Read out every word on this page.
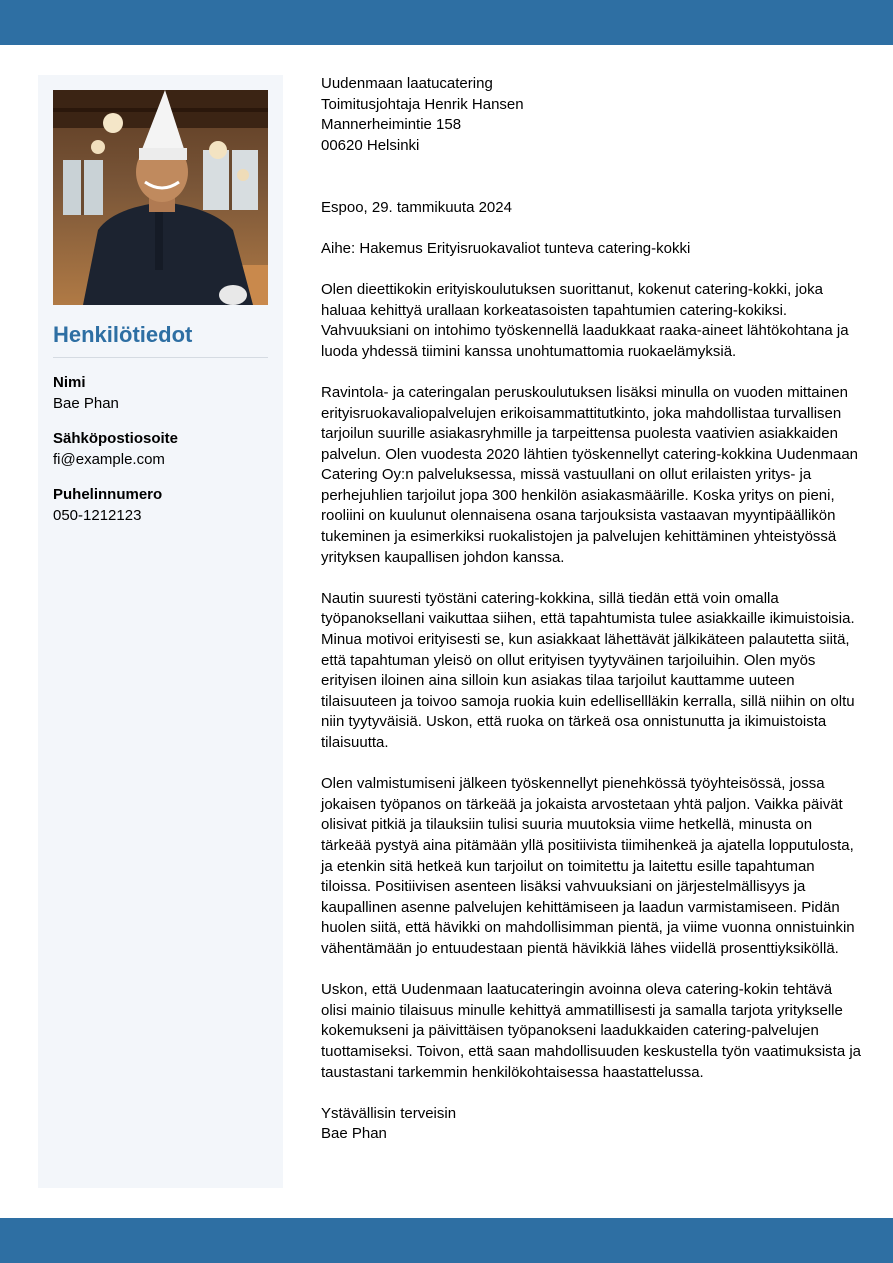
Henkilötiedot
Nimi
Bae Phan
Sähköpostiosoite
fi@example.com
Puhelinnumero
050-1212123
Uudenmaan laatucatering
Toimitusjohtaja Henrik Hansen
Mannerheimintie 158
00620 Helsinki

Espoo, 29. tammikuuta 2024

Aihe: Hakemus Erityisruokavaliot tunteva catering-kokki

Olen dieettikokin erityiskoulutuksen suorittanut, kokenut catering-kokki, joka haluaa kehittyä urallaan korkeatasoisten tapahtumien catering-kokiksi. Vahvuuksiani on intohimo työskennellä laadukkaat raaka-aineet lähtökohtana ja luoda yhdessä tiimini kanssa unohtumattomia ruokaelämyksiä.

Ravintola- ja cateringalan peruskoulutuksen lisäksi minulla on vuoden mittainen erityisruokavaliopalvelujen erikoisammattitutkinto, joka mahdollistaa turvallisen tarjoilun suurille asiakasryhmille ja tarpeittensa puolesta vaativien asiakkaiden palvelun. Olen vuodesta 2020 lähtien työskennellyt catering-kokkina Uudenmaan Catering Oy:n palveluksessa, missä vastuullani on ollut erilaisten yritys- ja perhejuhlien tarjoilut jopa 300 henkilön asiakasmäärille. Koska yritys on pieni, rooliini on kuulunut olennaisena osana tarjouksista vastaavan myyntipäällikön tukeminen ja esimerkiksi ruokalistojen ja palvelujen kehittäminen yhteistyössä yrityksen kaupallisen johdon kanssa.

Nautin suuresti työstäni catering-kokkina, sillä tiedän että voin omalla työpanoksellani vaikuttaa siihen, että tapahtumista tulee asiakkaille ikimuistoisia. Minua motivoi erityisesti se, kun asiakkaat lähettävät jälkikäteen palautetta siitä, että tapahtuman yleisö on ollut erityisen tyytyväinen tarjoiluihin. Olen myös erityisen iloinen aina silloin kun asiakas tilaa tarjoilut kauttamme uuteen tilaisuuteen ja toivoo samoja ruokia kuin edellisellläkin kerralla, sillä niihin on oltu niin tyytyväisiä. Uskon, että ruoka on tärkeä osa onnistunutta ja ikimuistoista tilaisuutta.

Olen valmistumiseni jälkeen työskennellyt pienehkössä työyhteisössä, jossa jokaisen työpanos on tärkeää ja jokaista arvostetaan yhtä paljon. Vaikka päivät olisivat pitkiä ja tilauksiin tulisi suuria muutoksia viime hetkellä, minusta on tärkeää pystyä aina pitämään yllä positiivista tiimihenkeä ja ajatella lopputulosta, ja etenkin sitä hetkeä kun tarjoilut on toimitettu ja laitettu esille tapahtuman tiloissa. Positiivisen asenteen lisäksi vahvuuksiani on järjestelmällisyys ja kaupallinen asenne palvelujen kehittämiseen ja laadun varmistamiseen. Pidän huolen siitä, että hävikki on mahdollisimman pientä, ja viime vuonna onnistuinkin vähentämään jo entuudestaan pientä hävikkiä lähes viidellä prosenttiyksiköllä.

Uskon, että Uudenmaan laatucateringin avoinna oleva catering-kokin tehtävä olisi mainio tilaisuus minulle kehittyä ammatillisesti ja samalla tarjota yritykselle kokemukseni ja päivittäisen työpanokseni laadukkaiden catering-palvelujen tuottamiseksi. Toivon, että saan mahdollisuuden keskustella työn vaatimuksista ja taustastani tarkemmin henkilökohtaisessa haastattelussa.

Ystävällisin terveisin

Bae Phan
